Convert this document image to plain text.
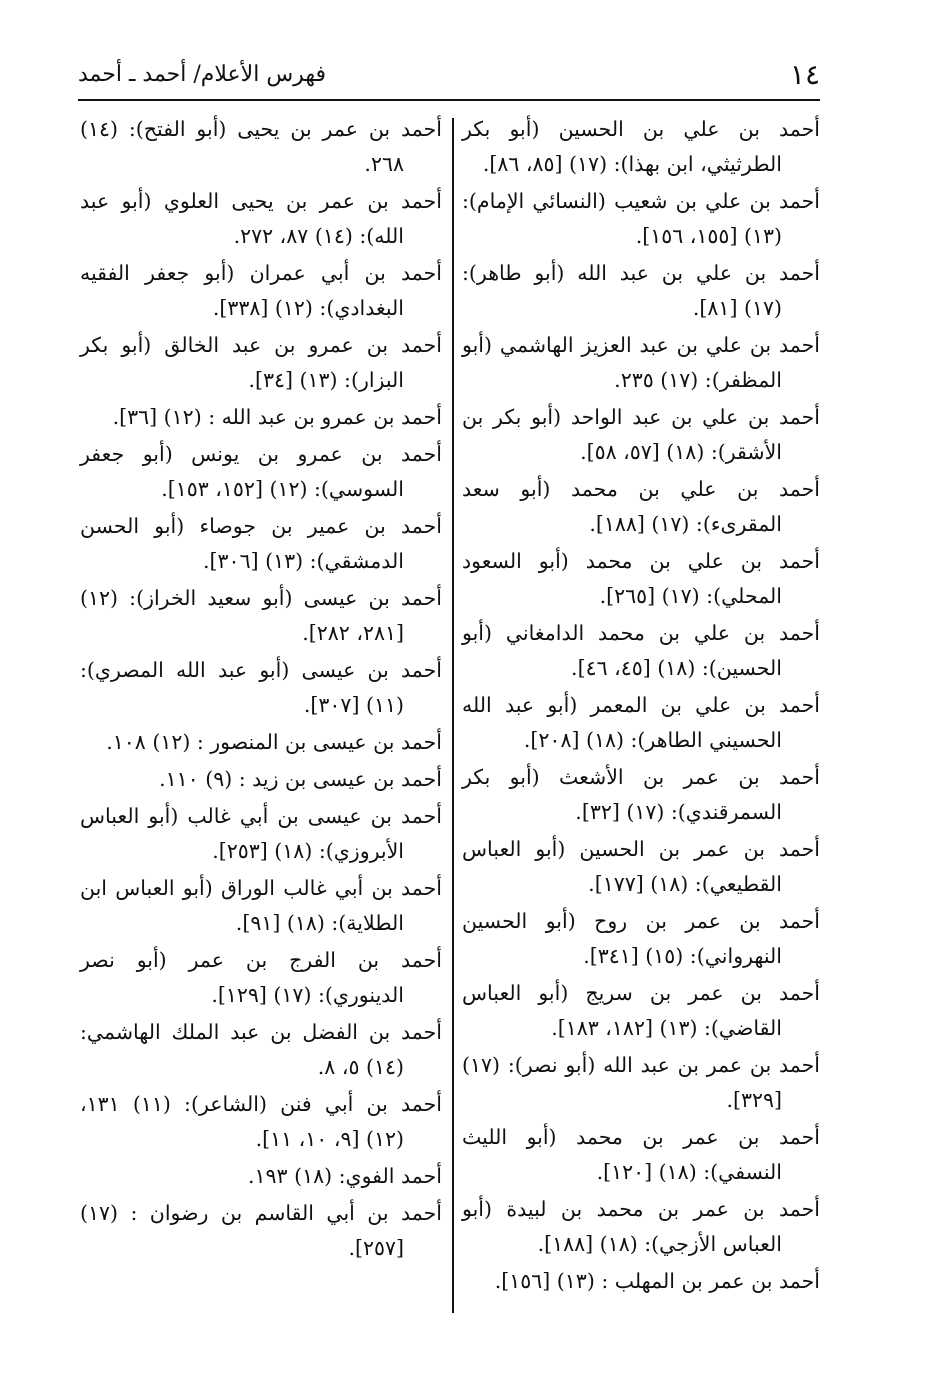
١٤
فهرس الأعلام/ أحمد ـ أحمد

أحمد بن علي بن الحسين (أبو بكر الطرثيثي، ابن بهذا): (١٧) [٨٥، ٨٦].

أحمد بن علي بن شعيب (النسائي الإمام): (١٣) [١٥٥، ١٥٦].

أحمد بن علي بن عبد الله (أبو طاهر): (١٧) [٨١].

أحمد بن علي بن عبد العزيز الهاشمي (أبو المظفر): (١٧) ٢٣٥.

أحمد بن علي بن عبد الواحد (أبو بكر بن الأشقر): (١٨) [٥٧، ٥٨].

أحمد بن علي بن محمد (أبو سعد المقرىء): (١٧) [١٨٨].

أحمد بن علي بن محمد (أبو السعود المحلي): (١٧) [٢٦٥].

أحمد بن علي بن محمد الدامغاني (أبو الحسين): (١٨) [٤٥، ٤٦].

أحمد بن علي بن المعمر (أبو عبد الله الحسيني الطاهر): (١٨) [٢٠٨].

أحمد بن عمر بن الأشعث (أبو بكر السمرقندي): (١٧) [٣٢].

أحمد بن عمر بن الحسين (أبو العباس القطيعي): (١٨) [١٧٧].

أحمد بن عمر بن روح (أبو الحسين النهرواني): (١٥) [٣٤١].

أحمد بن عمر بن سريج (أبو العباس القاضي): (١٣) [١٨٢، ١٨٣].

أحمد بن عمر بن عبد الله (أبو نصر): (١٧) [٣٢٩].

أحمد بن عمر بن محمد (أبو الليث النسفي): (١٨) [١٢٠].

أحمد بن عمر بن محمد بن لبيدة (أبو العباس الأزجي): (١٨) [١٨٨].

أحمد بن عمر بن المهلب : (١٣) [١٥٦].

أحمد بن عمر بن يحيى (أبو الفتح): (١٤) ٢٦٨.

أحمد بن عمر بن يحيى العلوي (أبو عبد الله): (١٤) ٨٧، ٢٧٢.

أحمد بن أبي عمران (أبو جعفر الفقيه البغدادي): (١٢) [٣٣٨].

أحمد بن عمرو بن عبد الخالق (أبو بكر البزار): (١٣) [٣٤].

أحمد بن عمرو بن عبد الله : (١٢) [٣٦].

أحمد بن عمرو بن يونس (أبو جعفر السوسي): (١٢) [١٥٢، ١٥٣].

أحمد بن عمير بن جوصاء (أبو الحسن الدمشقي): (١٣) [٣٠٦].

أحمد بن عيسى (أبو سعيد الخراز): (١٢) [٢٨١، ٢٨٢].

أحمد بن عيسى (أبو عبد الله المصري): (١١) [٣٠٧].

أحمد بن عيسى بن المنصور : (١٢) ١٠٨.

أحمد بن عيسى بن زيد : (٩) ١١٠.

أحمد بن عيسى بن أبي غالب (أبو العباس الأبروزي): (١٨) [٢٥٣].

أحمد بن أبي غالب الوراق (أبو العباس ابن الطلاية): (١٨) [٩١].

أحمد بن الفرج بن عمر (أبو نصر الدينوري): (١٧) [١٢٩].

أحمد بن الفضل بن عبد الملك الهاشمي: (١٤) ٥، ٨.

أحمد بن أبي فنن (الشاعر): (١١) ١٣١، (١٢) [٩، ١٠، ١١].

أحمد الفوي: (١٨) ١٩٣.

أحمد بن أبي القاسم بن رضوان : (١٧) [٢٥٧].
